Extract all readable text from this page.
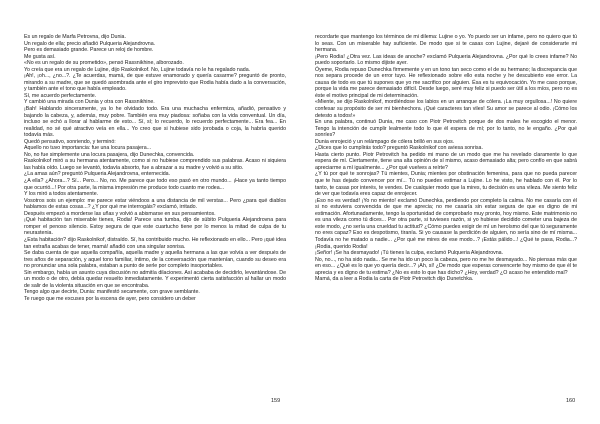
Es un regalo de Marfa Petrovna, dijo Dunia.

Un regalo de ella; precio añadió Pulqueria Alejandrovna.

Pero es demasiado grande. Parece un reloj de hombre.

Me gusta así.

«No es un regalo de su prometido», pensó Rassnikhine, alborozado.

Yo creía que era un regalo de Lujine, dijo Raskolnikof. No, Lujine todavía no le ha regalado nada.

¡Ah!, ¡oh..., ¿no...?. ¿Te acuerdas, mamá, de que estuve enamorado y quería casarme? preguntó de pronto, mirando a su madre, que se quedó asombrada ante el giro imprevisto que Rodia había dado a la conversación, y también ante el tono que había empleado.

Sí, me acuerdo perfectamente.

Y cambió una mirada con Dunia y otra con Rassnikhine.

¡Bah! Hablando sinceramente, ya lo he olvidado todo. Era una muchacha enfermiza, añadió, pensativo y bajando la cabeza, y, además, muy pobre. También era muy piadosa: soñaba con la vida conventual. Un día, incluso se echó a llorar al hablarme de esto... Sí, sí; lo recuerdo, lo recuerdo perfectamente... Era fea... En realidad, no sé qué atractivo veía en ella... Yo creo que si hubiese sido jorobada o coja, la habría querido todavía más.

Quedó pensativo, sonriendo, y terminó:

Aquello no tuvo importancia: fue una locura pasajera...

No, no fue simplemente una locura pasajera, dijo Dunechka, convencida.

Raskolnikof miró a su hermana atentamente, como si no hubiese comprendido sus palabras. Acaso ni siquiera las había oído. Luego se levantó, todavía absorto, fue a abrazar a su madre y volvió a su sitio.

¿La amas aún? preguntó Pulqueria Alejandrovna, enternecida.

¿A ella? ¿Ahora...? Sí... Pero... No, no. Me parece que todo eso pasó en otro mundo... ¡Hace ya tanto tiempo que ocurrió...! Por otra parte, la misma impresión me produce todo cuanto me rodea...

Y los miró a todos atentamente.

Vosotros sois un ejemplo: me parece estar viéndoos a una distancia de mil verstas... Pero ¿para qué diablos hablamos de estas cosas...? ¿Y por qué me interrogáis? exclamó, irritado.

Después empezó a morderse las uñas y volvió a abismarse en sus pensamientos.

¡Qué habitación tan miserable tienes, Rodia! Parece una tumba, dijo de súbito Pulqueria Alejandrovna para romper el penoso silencio. Estoy segura de que este cuartucho tiene por lo menos la mitad de culpa de tu neurastenia.

¿Esta habitación? dijo Raskolnikof, distraído. Sí, ha contribuido mucho. He reflexionado en ello... Pero ¡qué idea tan extraña acabas de tener, mamá! añadió con una singular sonrisa.

Se daba cuenta de que aquella compañía, aquella madre y aquella hermana a las que volvía a ver después de tres años de separación, y aquel tono familiar, íntimo, de la conversación que mantenían, cuando su deseo era no pronunciar una sola palabra, estaban a punto de serle por completo insoportables.

Sin embargo, había un asunto cuya discusión no admitía dilaciones. Así acababa de decidirlo, levantándose. De un modo o de otro, debía quedar resuelto inmediatamente. Y experimentó cierta satisfacción al hallar un modo de salir de la violenta situación en que se encontraba.

Tengo algo que decirte, Dunia: manifestó secamente, con grave semblante.

Te ruego que me excuses por la escena de ayer, pero considero un deber

recordarte que mantengo los términos de mi dilema: Lujine o yo. Yo puedo ser un infame, pero no quiero que tú lo seas. Con un miserable hay suficiente. De modo que si te casas con Lujine, dejaré de considerarte mi hermana.

¡Pero Rodia! ¿Otra vez. Las ideas de anoche? exclamó Pulqueria Alejandrovna. ¿Por qué lo crees infame? No puedo soportarlo. Lo mismo dijiste ayer.

Óyeme, Rodia repuso Dunechka firmemente y en un tono tan seco como el de su hermano; la discrepancia que nos separa procede de un error tuyo. He reflexionado sobre ello esta noche y he descubierto ese error. La causa de todo es que tú supones que yo me sacrifico por alguien. Ésa es tu equivocación. Yo me caso porque, porque la vida me parece demasiado difícil. Desde luego, seré muy feliz si puedo ser útil a los míos, pero no es éste el motivo principal de mi determinación.

«Miente, se dijo Raskolnikof, mordiéndose los labios en un arranque de cólera. ¡La muy orgullosa...! No quiere confesar su propósito de ser mi bienhechora. ¡Qué caracteres tan viles! Su amor se parece al odio. ¡Cómo los detesto a todos!»

En una palabra, continuó Dunia, me caso con Piotr Petrovitch porque de dos males he escogido el menor. Tengo la intención de cumplir lealmente todo lo que él espera de mí; por lo tanto, no le engaño. ¿Por qué sonríes?

Dunia enrojeció y un relámpago de cólera brilló en sus ojos.

¿Dices que lo cumplirás todo? preguntó Raskolnikof con aviesa sonrisa.

Hasta cierto punto. Piotr Petrovitch ha pedido mi mano de un modo que me ha revelado claramente lo que espera de mí. Ciertamente, tiene una alta opinión de sí mismo, acaso demasiado alta; pero confío en que sabrá apreciarme a mí igualmente... ¿Por qué vuelves a reírte?

¿Y tú por qué te sonrojas? Tú mientes, Dunia; mientes por obstinación femenina, para que no pueda parecer que te has dejado convencer por mí... Tú no puedes estimar a Lujine. Lo he visto, he hablado con él. Por lo tanto, te casas por interés, te vendes. De cualquier modo que la mires, tu decisión es una vileza. Me siento feliz de ver que todavía eres capaz de enrojecer.

¡Eso no es verdad! ¡Yo no miento! exclamó Dunechka, perdiendo por completo la calma. No me casaría con él si no estuviera convencida de que me aprecia; no me casaría sin estar segura de que es digno de mi estimación. Afortunadamente, tengo la oportunidad de comprobarlo muy pronto, hoy mismo. Este matrimonio no es una vileza como tú dices... Por otra parte, si tuvieses razón, si yo hubiese decidido cometer una bajeza de este modo, ¿no sería una crueldad tu actitud? ¿Cómo puedes exigir de mí un heroísmo del que tú seguramente no eres capaz? Eso es despotismo, tiranía. Si yo causase la perdición de alguien, no sería sino de mí misma... Todavía no he matado a nadie... ¿Por qué me mires de ese modo...? ¡Estás pálido...! ¿Qué te pasa, Rodia...? ¡Rodia, querido Rodia!

¡Señor! ¡Se ha desmayado! ¡Tú tienes la culpa, exclamó Pulqueria Alejandrovna.

No, no..., no ha sido nada... Se me ha ido un poco la cabeza, pero no me he desmayado... No piensas más que en eso... ¿Qué es lo que yo quería decir...? ¡Ah, sí! ¿De modo que esperas convencerte hoy mismo de que él te aprecia y es digno de tu estima? ¿No es esto lo que has dicho? ¿Hoy, verdad? ¿O acaso he entendido mal?

Mamá, da a leer a Rodia la carta de Piotr Petrovitch dijo Dunetchka.

159	160
